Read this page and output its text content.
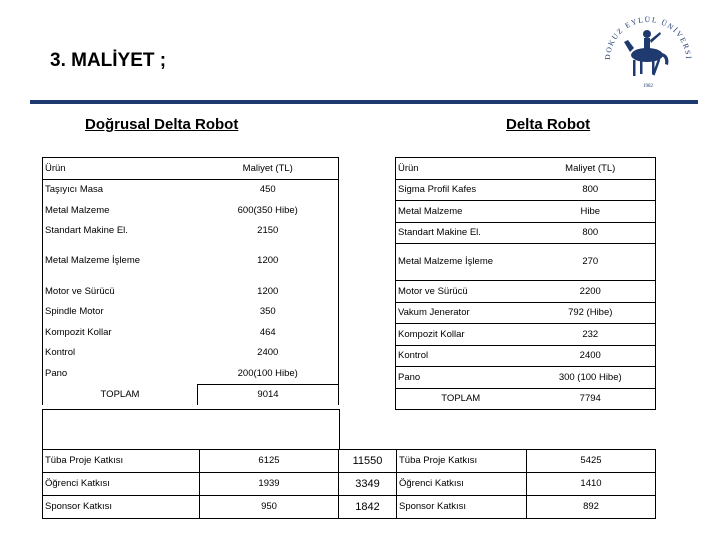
3. MALİYET ;	DOKUZ EYLÜL ÜNİVERSİ
1982
Doğrusal Delta Robot	Delta Robot
Ürün	Maliyet (TL)
Taşıyıcı Masa	450
Metal Malzeme	600(350 Hibe)
Standart Makine El.	2150
Metal Malzeme İşleme	1200
Motor ve Sürücü	1200
Spindle Motor	350
Kompozit Kollar	464
Kontrol	2400
Pano	200(100 Hibe)
TOPLAM	9014
Ürün	Maliyet (TL)
Sigma Profil Kafes	800
Metal Malzeme	Hibe
Standart Makine El.	800
Metal Malzeme İşleme	270
Motor ve Sürücü	2200
Vakum Jenerator	792 (Hibe)
Kompozit Kollar	232
Kontrol	2400
Pano	300 (100 Hibe)
TOPLAM	7794
Tüba Proje Katkısı	6125	11550	Tüba Proje Katkısı	5425
Öğrenci Katkısı	1939	3349	Öğrenci Katkısı	1410
Sponsor Katkısı	950	1842	Sponsor Katkısı	892
